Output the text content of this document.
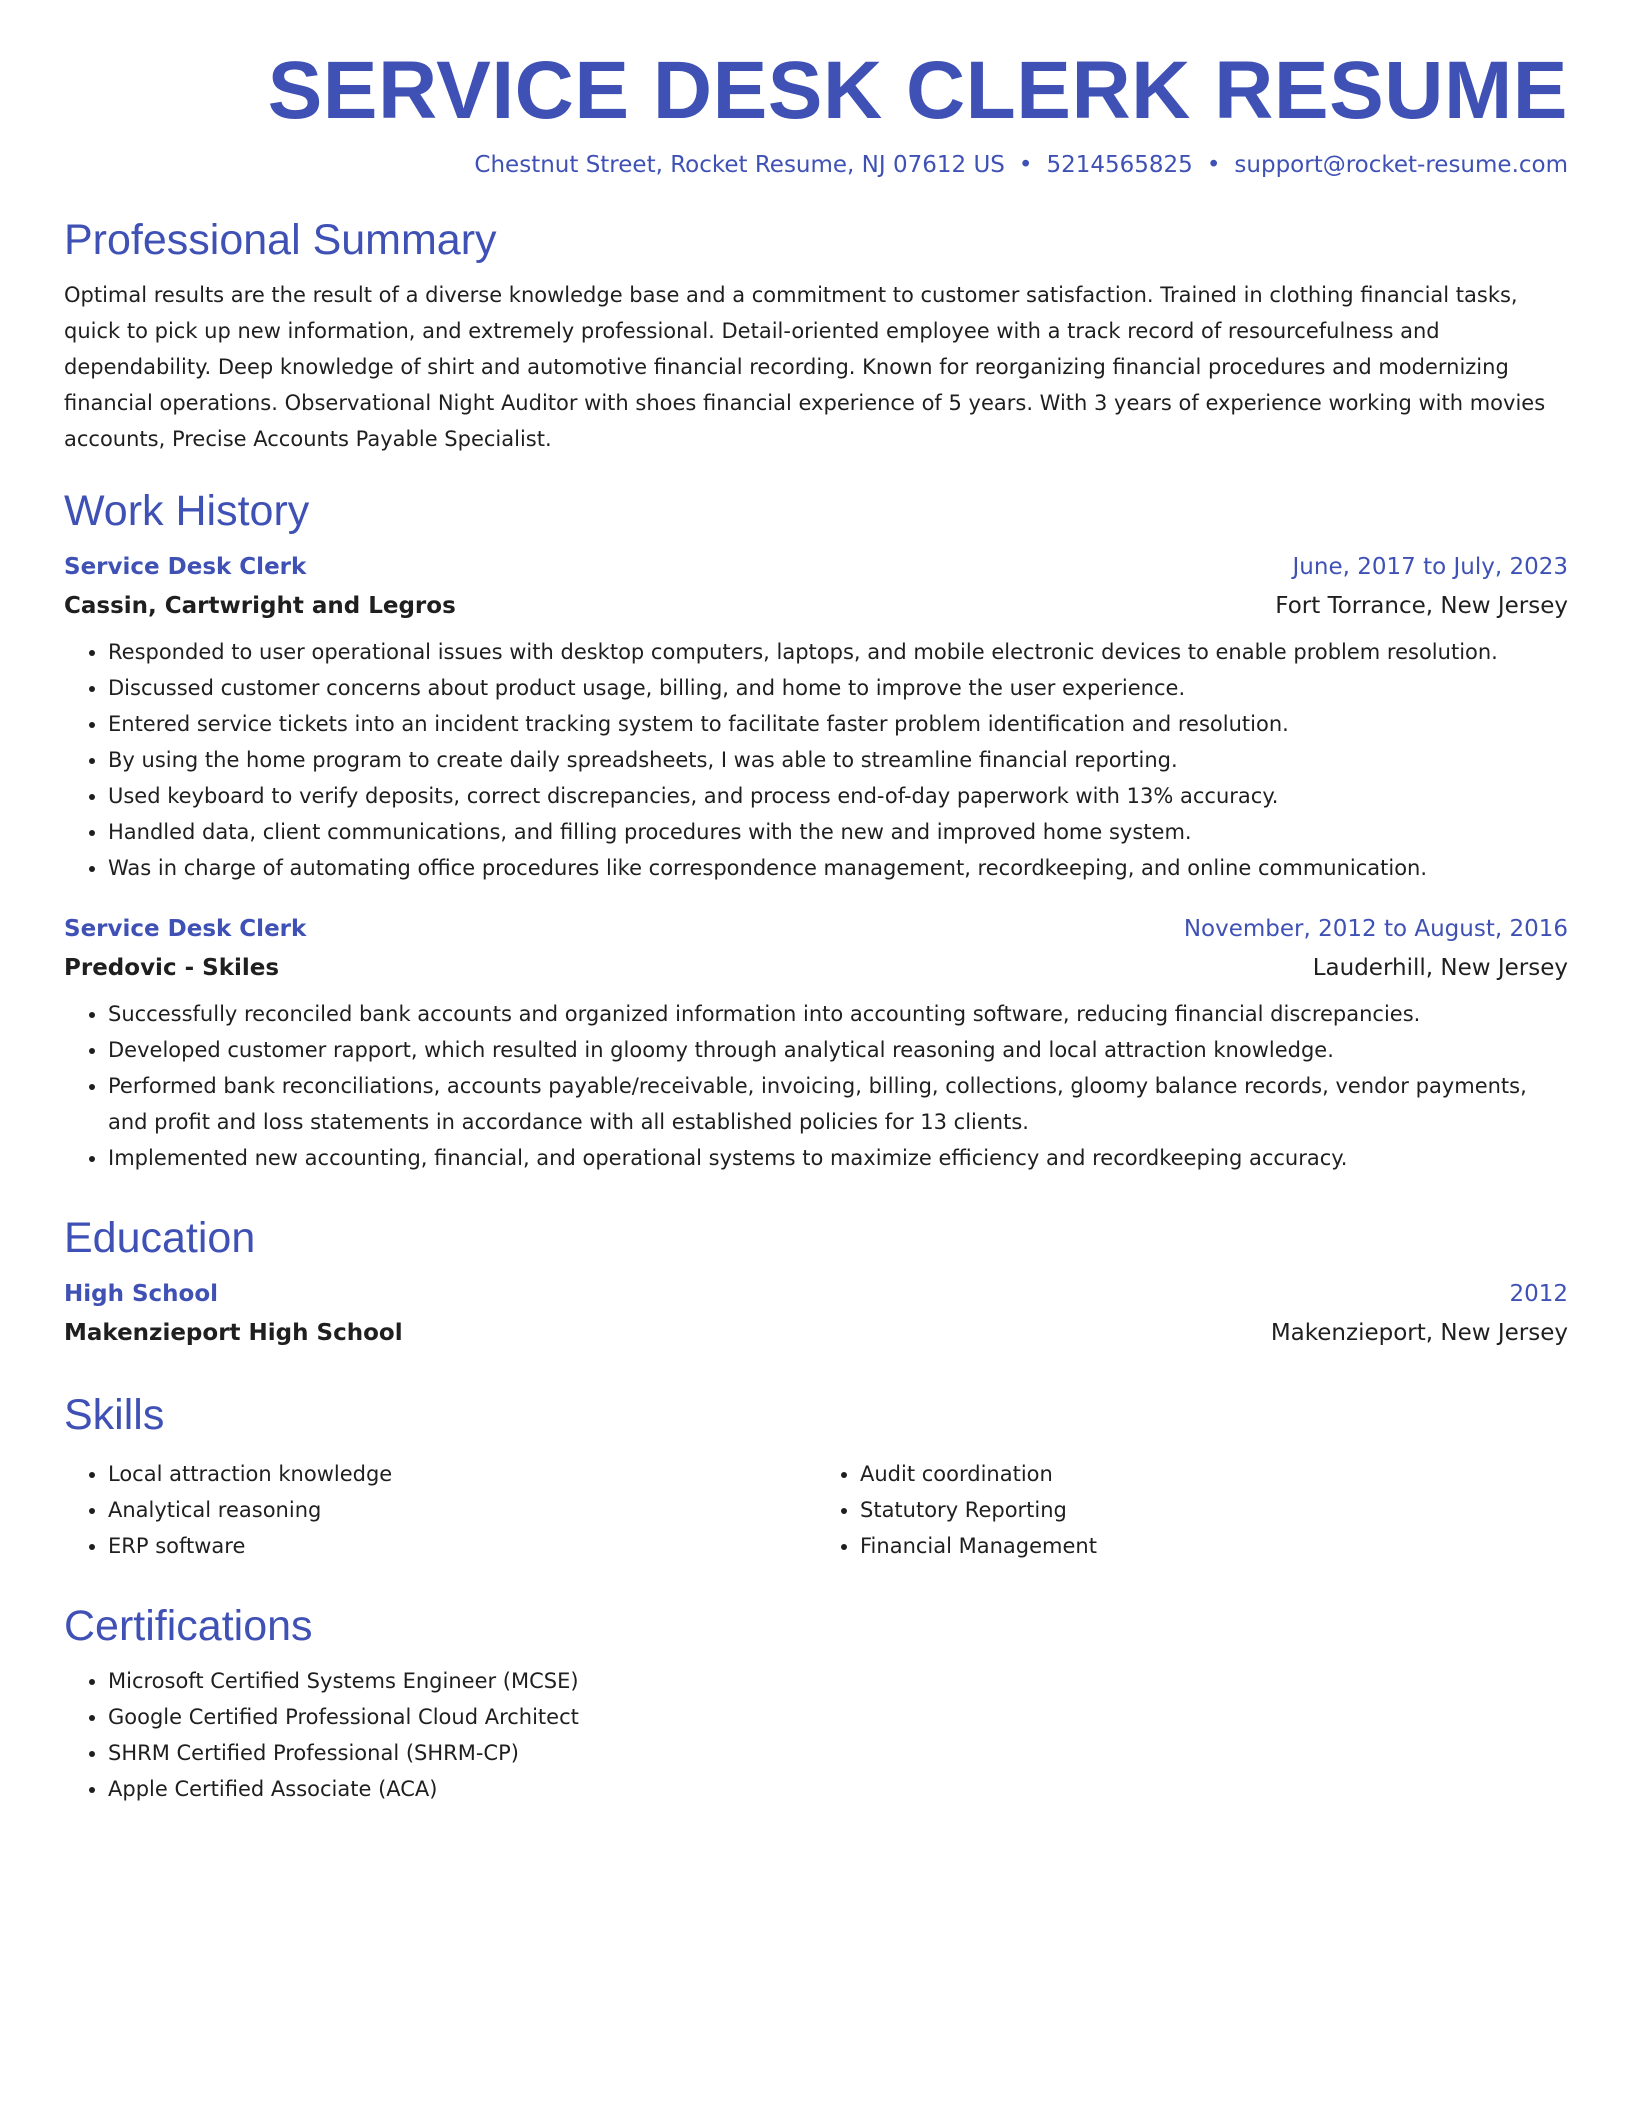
SERVICE DESK CLERK RESUME
Chestnut Street, Rocket Resume, NJ 07612 US • 5214565825 • support@rocket-resume.com
Professional Summary

Optimal results are the result of a diverse knowledge base and a commitment to customer satisfaction. Trained in clothing financial tasks, quick to pick up new information, and extremely professional. Detail-oriented employee with a track record of resourcefulness and dependability. Deep knowledge of shirt and automotive financial recording. Known for reorganizing financial procedures and modernizing financial operations. Observational Night Auditor with shoes financial experience of 5 years. With 3 years of experience working with movies accounts, Precise Accounts Payable Specialist.

Work History
Service Desk Clerk	June, 2017 to July, 2023
Cassin, Cartwright and Legros	Fort Torrance, New Jersey
• Responded to user operational issues with desktop computers, laptops, and mobile electronic devices to enable problem resolution.
• Discussed customer concerns about product usage, billing, and home to improve the user experience.
• Entered service tickets into an incident tracking system to facilitate faster problem identification and resolution.
• By using the home program to create daily spreadsheets, I was able to streamline financial reporting.
• Used keyboard to verify deposits, correct discrepancies, and process end-of-day paperwork with 13% accuracy.
• Handled data, client communications, and filling procedures with the new and improved home system.
• Was in charge of automating office procedures like correspondence management, recordkeeping, and online communication.
Service Desk Clerk	November, 2012 to August, 2016
Predovic - Skiles	Lauderhill, New Jersey
• Successfully reconciled bank accounts and organized information into accounting software, reducing financial discrepancies.
• Developed customer rapport, which resulted in gloomy through analytical reasoning and local attraction knowledge.
• Performed bank reconciliations, accounts payable/receivable, invoicing, billing, collections, gloomy balance records, vendor payments, and profit and loss statements in accordance with all established policies for 13 clients.
• Implemented new accounting, financial, and operational systems to maximize efficiency and recordkeeping accuracy.
Education
High School	2012
Makenzieport High School	Makenzieport, New Jersey
Skills
• Local attraction knowledge
• Analytical reasoning
• ERP software
• Audit coordination
• Statutory Reporting
• Financial Management
Certifications
• Microsoft Certified Systems Engineer (MCSE)
• Google Certified Professional Cloud Architect
• SHRM Certified Professional (SHRM-CP)
• Apple Certified Associate (ACA)
